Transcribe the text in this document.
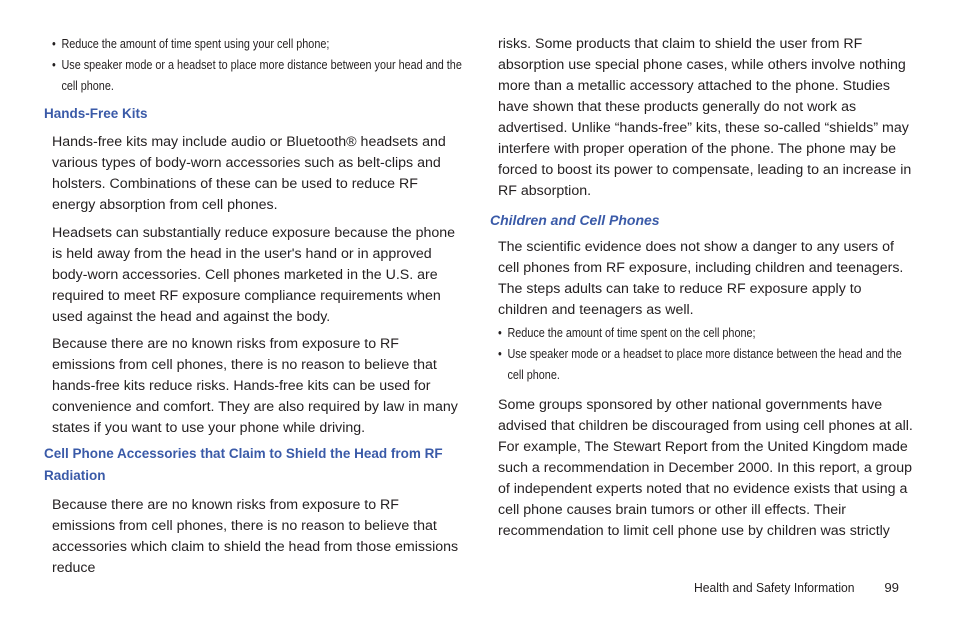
• Reduce the amount of time spent using your cell phone;
• Use speaker mode or a headset to place more distance between your head and the cell phone.
Hands-Free Kits

Hands-free kits may include audio or Bluetooth® headsets and various types of body-worn accessories such as belt-clips and holsters. Combinations of these can be used to reduce RF energy absorption from cell phones.

Headsets can substantially reduce exposure because the phone is held away from the head in the user's hand or in approved body-worn accessories. Cell phones marketed in the U.S. are required to meet RF exposure compliance requirements when used against the head and against the body.

Because there are no known risks from exposure to RF emissions from cell phones, there is no reason to believe that hands-free kits reduce risks. Hands-free kits can be used for convenience and comfort. They are also required by law in many states if you want to use your phone while driving.

Cell Phone Accessories that Claim to Shield the Head from RF Radiation

Because there are no known risks from exposure to RF emissions from cell phones, there is no reason to believe that accessories which claim to shield the head from those emissions reduce

risks. Some products that claim to shield the user from RF absorption use special phone cases, while others involve nothing more than a metallic accessory attached to the phone. Studies have shown that these products generally do not work as advertised. Unlike “hands-free” kits, these so-called “shields” may interfere with proper operation of the phone. The phone may be forced to boost its power to compensate, leading to an increase in RF absorption.

Children and Cell Phones

The scientific evidence does not show a danger to any users of cell phones from RF exposure, including children and teenagers. The steps adults can take to reduce RF exposure apply to children and teenagers as well.

• Reduce the amount of time spent on the cell phone;
• Use speaker mode or a headset to place more distance between the head and the cell phone.

Some groups sponsored by other national governments have advised that children be discouraged from using cell phones at all. For example, The Stewart Report from the United Kingdom made such a recommendation in December 2000. In this report, a group of independent experts noted that no evidence exists that using a cell phone causes brain tumors or other ill effects. Their recommendation to limit cell phone use by children was strictly

Health and Safety Information 99
